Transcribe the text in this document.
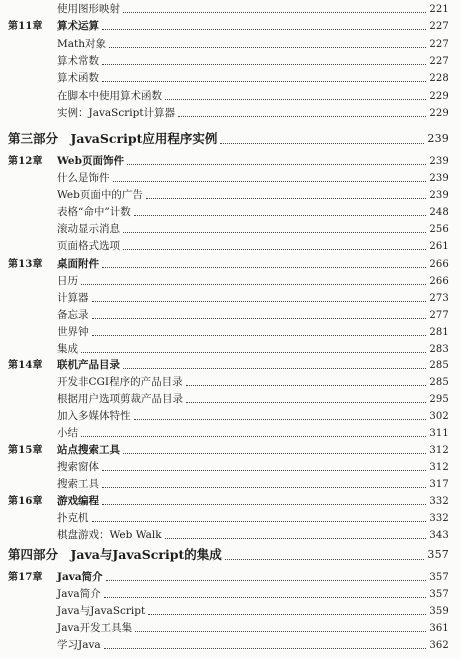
使用图形映射	221
第11章 算术运算	227
Math对象	227
算术常数	227
算术函数	228
在脚本中使用算术函数	229
实例：JavaScript计算器	229
第三部分　JavaScript应用程序实例	239
第12章 Web页面饰件	239
什么是饰件	239
Web页面中的广告	239
表格“命中”计数	248
滚动显示消息	256
页面格式选项	261
第13章 桌面附件	266
日历	266
计算器	273
备忘录	277
世界钟	281
集成	283
第14章 联机产品目录	285
开发非CGI程序的产品目录	285
根据用户选项剪裁产品目录	295
加入多媒体特性	302
小结	311
第15章 站点搜索工具	312
搜索窗体	312
搜索工具	317
第16章 游戏编程	332
扑克机	332
棋盘游戏：Web Walk	343
第四部分　Java与JavaScript的集成	357
第17章 Java简介	357
Java简介	357
Java与JavaScript	359
Java开发工具集	361
学习Java	362
